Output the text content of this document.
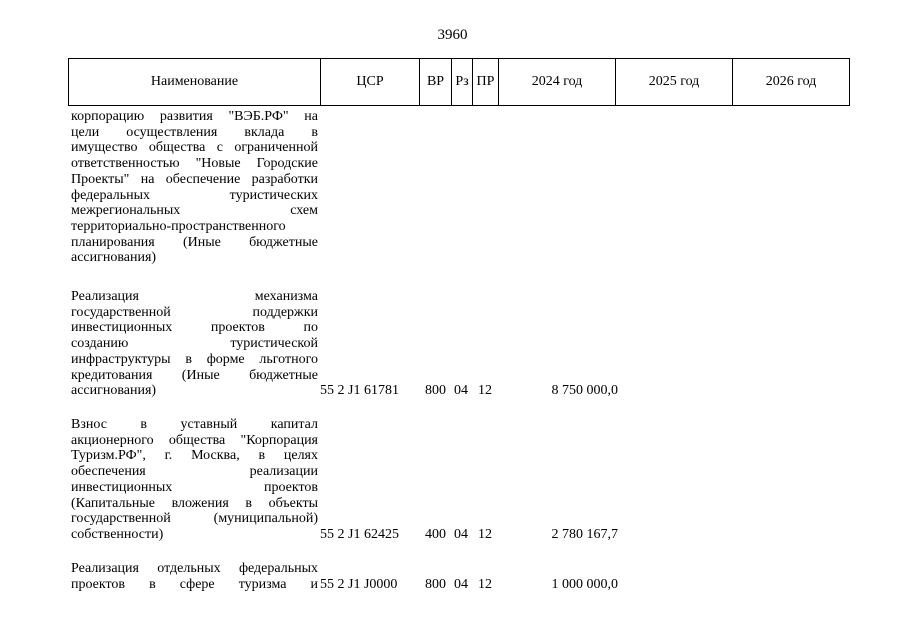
3960
Наименование	ЦСР	ВР Рз ПР	2024 год	2025 год	2026 год
корпорацию развития "ВЭБ.РФ" на
цели осуществления вклада в
имущество общества с ограниченной
ответственностью "Новые Городские
Проекты" на обеспечение разработки
федеральных туристических
межрегиональных схем
территориально-пространственного
планирования (Иные бюджетные
ассигнования)
Реализация механизма
государственной поддержки
инвестиционных проектов по
созданию туристической
инфраструктуры в форме льготного
кредитования (Иные бюджетные
ассигнования)	55 2 J1 61781 800 04 12	8 750 000,0
Взнос в уставный капитал
акционерного общества "Корпорация
Туризм.РФ", г. Москва, в целях
обеспечения реализации
инвестиционных проектов
(Капитальные вложения в объекты
государственной (муниципальной)
собственности)	55 2 J1 62425 400 04 12	2 780 167,7
Реализация отдельных федеральных
проектов в сфере туризма и 55 2 J1 J0000 800 04 12	1 000 000,0
